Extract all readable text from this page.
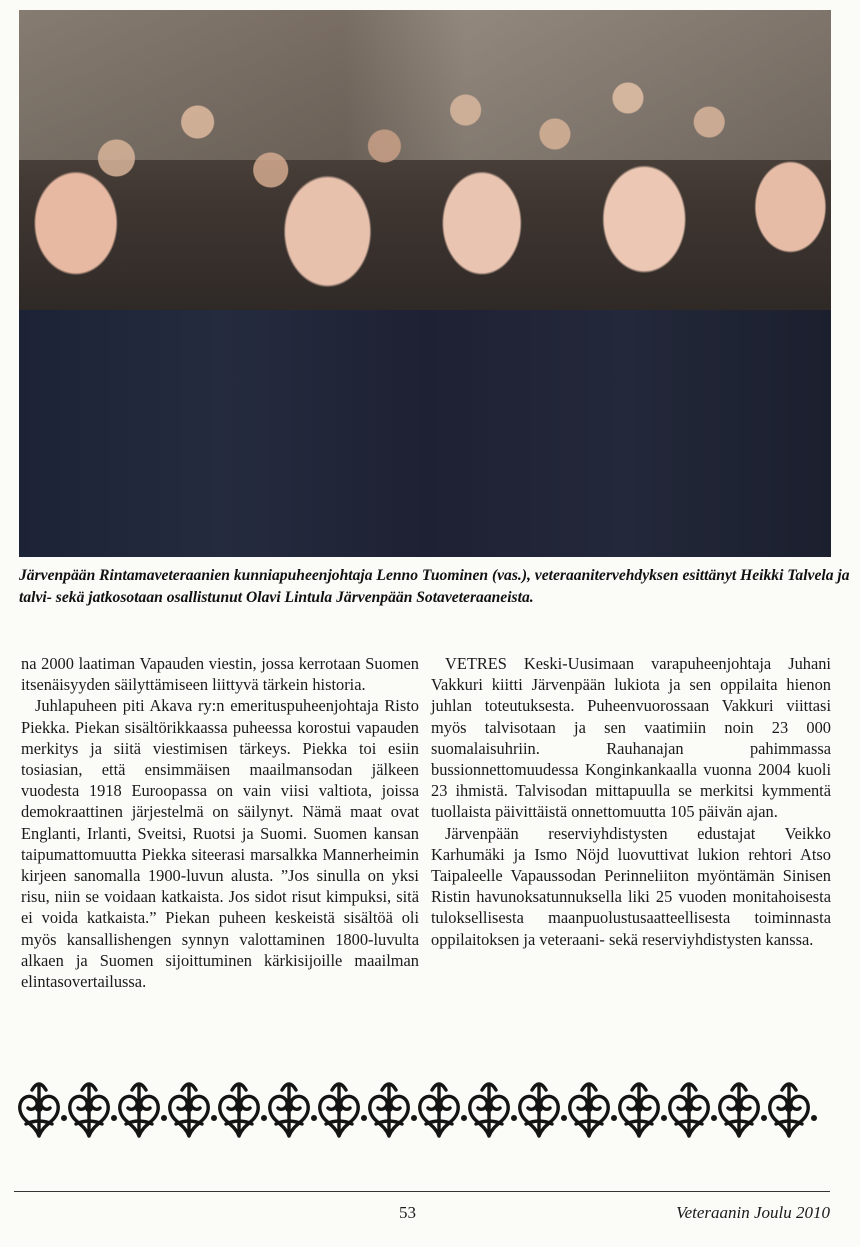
Järvenpään Rintamaveteraanien kunniapuheenjohtaja Lenno Tuominen (vas.), veteraanitervehdyksen esittänyt Heikki Talvela ja talvi- sekä jatkosotaan osallistunut Olavi Lintula Järvenpään Sotaveteraaneista.

na 2000 laatiman Vapauden viestin, jossa kerrotaan Suomen itsenäisyyden säilyttämiseen liittyvä tärkein historia.

Juhlapuheen piti Akava ry:n emerituspuheenjohtaja Risto Piekka. Piekan sisältörikkaassa puheessa korostui vapauden merkitys ja siitä viestimisen tärkeys. Piekka toi esiin tosiasian, että ensimmäisen maailmansodan jälkeen vuodesta 1918 Euroopassa on vain viisi valtiota, joissa demokraattinen järjestelmä on säilynyt. Nämä maat ovat Englanti, Irlanti, Sveitsi, Ruotsi ja Suomi. Suomen kansan taipumattomuutta Piekka siteerasi marsalkka Mannerheimin kirjeen sanomalla 1900-luvun alusta. ”Jos sinulla on yksi risu, niin se voidaan katkaista. Jos sidot risut kimpuksi, sitä ei voida katkaista.” Piekan puheen keskeistä sisältöä oli myös kansallishengen synnyn valottaminen 1800-luvulta alkaen ja Suomen sijoittuminen kärkisijoille maailman elintasovertailussa.

VETRES Keski-Uusimaan varapuheenjohtaja Juhani Vakkuri kiitti Järvenpään lukiota ja sen oppilaita hienon juhlan toteutuksesta. Puheenvuorossaan Vakkuri viittasi myös talvisotaan ja sen vaatimiin noin 23 000 suomalaisuhriin. Rauhanajan pahimmassa bussionnettomuudessa Konginkankaalla vuonna 2004 kuoli 23 ihmistä. Talvisodan mittapuulla se merkitsi kymmentä tuollaista päivittäistä onnettomuutta 105 päivän ajan.

Järvenpään reserviyhdistysten edustajat Veikko Karhumäki ja Ismo Nöjd luovuttivat lukion rehtori Atso Taipaleelle Vapaussodan Perinneliiton myöntämän Sinisen Ristin havunoksatunnuksella liki 25 vuoden monitahoisesta tuloksellisesta maanpuolustusaatteellisesta toiminnasta oppilaitoksen ja veteraani- sekä reserviyhdistysten kanssa.

53	Veteraanin Joulu 2010
